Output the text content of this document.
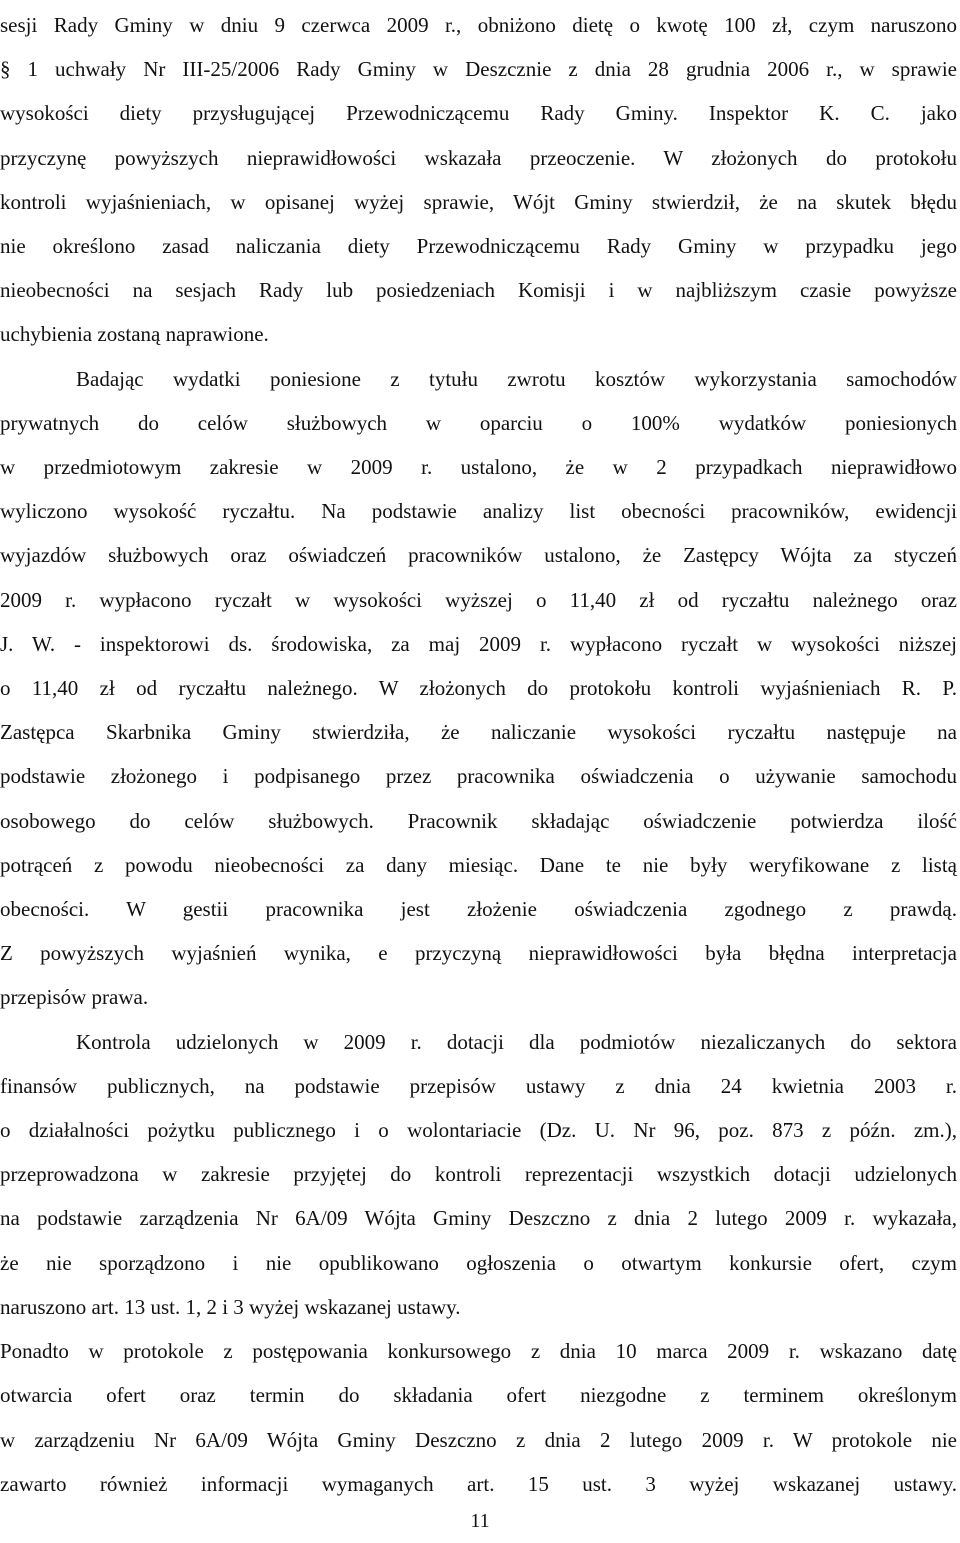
sesji Rady Gminy w dniu 9 czerwca 2009 r., obniżono dietę o kwotę 100 zł, czym naruszono
§ 1 uchwały Nr III-25/2006 Rady Gminy w Deszcznie z dnia 28 grudnia 2006 r., w sprawie
wysokości diety przysługującej Przewodniczącemu Rady Gminy. Inspektor K. C. jako
przyczynę powyższych nieprawidłowości wskazała przeoczenie. W złożonych do protokołu
kontroli wyjaśnieniach, w opisanej wyżej sprawie, Wójt Gminy stwierdził, że na skutek błędu
nie określono zasad naliczania diety Przewodniczącemu Rady Gminy w przypadku jego
nieobecności na sesjach Rady lub posiedzeniach Komisji i w najbliższym czasie powyższe
uchybienia zostaną naprawione.

Badając wydatki poniesione z tytułu zwrotu kosztów wykorzystania samochodów
prywatnych do celów służbowych w oparciu o 100% wydatków poniesionych
w przedmiotowym zakresie w 2009 r. ustalono, że w 2 przypadkach nieprawidłowo
wyliczono wysokość ryczałtu. Na podstawie analizy list obecności pracowników, ewidencji
wyjazdów służbowych oraz oświadczeń pracowników ustalono, że Zastępcy Wójta za styczeń
2009 r. wypłacono ryczałt w wysokości wyższej o 11,40 zł od ryczałtu należnego oraz
J. W. - inspektorowi ds. środowiska, za maj 2009 r. wypłacono ryczałt w wysokości niższej
o 11,40 zł od ryczałtu należnego. W złożonych do protokołu kontroli wyjaśnieniach R. P.
Zastępca Skarbnika Gminy stwierdziła, że naliczanie wysokości ryczałtu następuje na
podstawie złożonego i podpisanego przez pracownika oświadczenia o używanie samochodu
osobowego do celów służbowych. Pracownik składając oświadczenie potwierdza ilość
potrąceń z powodu nieobecności za dany miesiąc. Dane te nie były weryfikowane z listą
obecności. W gestii pracownika jest złożenie oświadczenia zgodnego z prawdą.
Z powyższych wyjaśnień wynika, e przyczyną nieprawidłowości była błędna interpretacja
przepisów prawa.

Kontrola udzielonych w 2009 r. dotacji dla podmiotów niezaliczanych do sektora
finansów publicznych, na podstawie przepisów ustawy z dnia 24 kwietnia 2003 r.
o działalności pożytku publicznego i o wolontariacie (Dz. U. Nr 96, poz. 873 z późn. zm.),
przeprowadzona w zakresie przyjętej do kontroli reprezentacji wszystkich dotacji udzielonych
na podstawie zarządzenia Nr 6A/09 Wójta Gminy Deszczno z dnia 2 lutego 2009 r. wykazała,
że nie sporządzono i nie opublikowano ogłoszenia o otwartym konkursie ofert, czym
naruszono art. 13 ust. 1, 2 i 3 wyżej wskazanej ustawy.

Ponadto w protokole z postępowania konkursowego z dnia 10 marca 2009 r. wskazano datę
otwarcia ofert oraz termin do składania ofert niezgodne z terminem określonym
w zarządzeniu Nr 6A/09 Wójta Gminy Deszczno z dnia 2 lutego 2009 r. W protokole nie
zawarto również informacji wymaganych art. 15 ust. 3 wyżej wskazanej ustawy.

11
